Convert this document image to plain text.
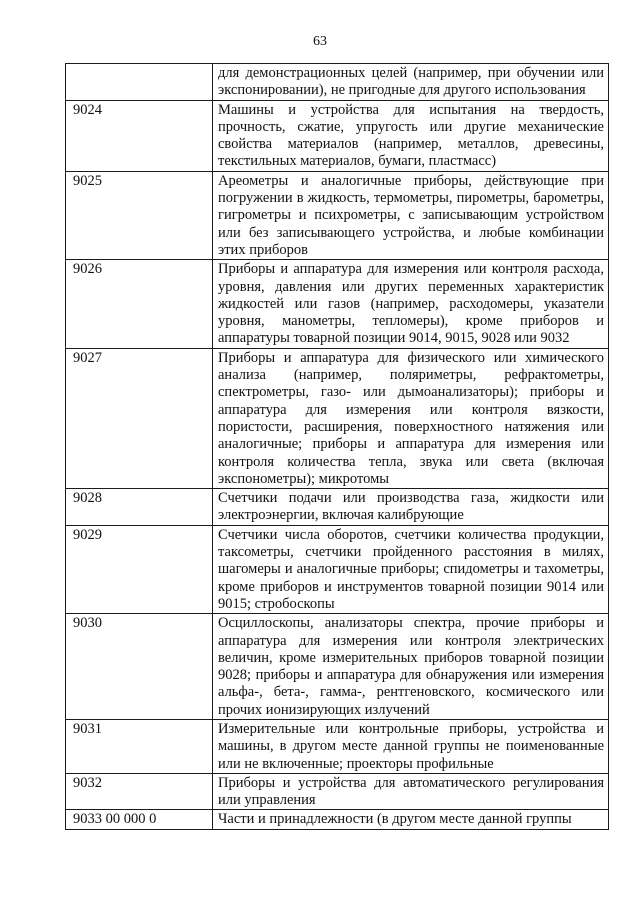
63
	для демонстрационных целей (например, при обучении или экспонировании), не пригодные для другого использования
9024	Машины и устройства для испытания на твердость, прочность, сжатие, упругость или другие механические свойства материалов (например, металлов, древесины, текстильных материалов, бумаги, пластмасс)
9025	Ареометры и аналогичные приборы, действующие при погружении в жидкость, термометры, пирометры, барометры, гигрометры и психрометры, с записывающим устройством или без записывающего устройства, и любые комбинации этих приборов
9026	Приборы и аппаратура для измерения или контроля расхода, уровня, давления или других переменных характеристик жидкостей или газов (например, расходомеры, указатели уровня, манометры, тепломеры), кроме приборов и аппаратуры товарной позиции 9014, 9015, 9028 или 9032
9027	Приборы и аппаратура для физического или химического анализа (например, поляриметры, рефрактометры, спектрометры, газо- или дымоанализаторы); приборы и аппаратура для измерения или контроля вязкости, пористости, расширения, поверхностного натяжения или аналогичные; приборы и аппаратура для измерения или контроля количества тепла, звука или света (включая экспонометры); микротомы
9028	Счетчики подачи или производства газа, жидкости или электроэнергии, включая калибрующие
9029	Счетчики числа оборотов, счетчики количества продукции, таксометры, счетчики пройденного расстояния в милях, шагомеры и аналогичные приборы; спидометры и тахометры, кроме приборов и инструментов товарной позиции 9014 или 9015; стробоскопы
9030	Осциллоскопы, анализаторы спектра, прочие приборы и аппаратура для измерения или контроля электрических величин, кроме измерительных приборов товарной позиции 9028; приборы и аппаратура для обнаружения или измерения альфа-, бета-, гамма-, рентгеновского, космического или прочих ионизирующих излучений
9031	Измерительные или контрольные приборы, устройства и машины, в другом месте данной группы не поименованные или не включенные; проекторы профильные
9032	Приборы и устройства для автоматического регулирования или управления
9033 00 000 0	Части и принадлежности (в другом месте данной группы
